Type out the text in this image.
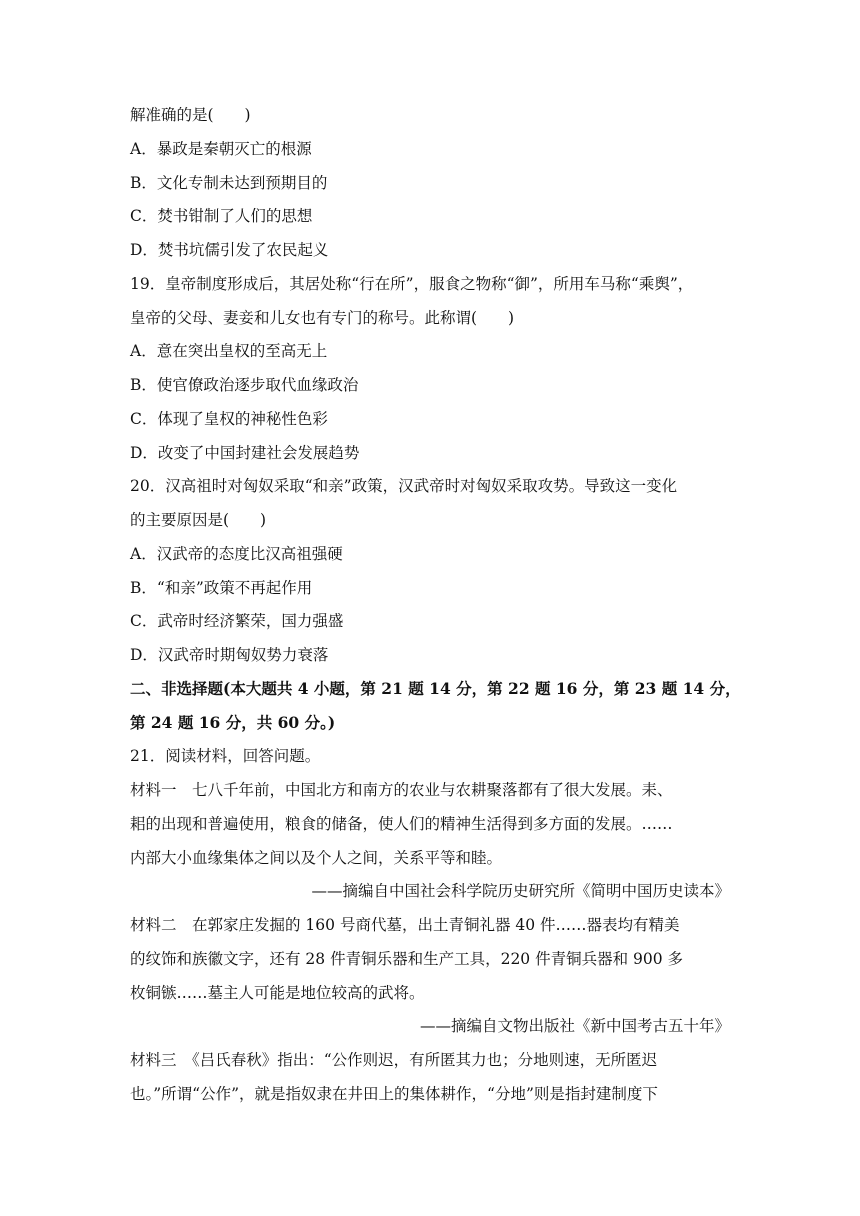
解准确的是(　　)
A．暴政是秦朝灭亡的根源
B．文化专制未达到预期目的
C．焚书钳制了人们的思想
D．焚书坑儒引发了农民起义
19．皇帝制度形成后，其居处称“行在所”，服食之物称“御”，所用车马称“乘舆”，
皇帝的父母、妻妾和儿女也有专门的称号。此称谓(　　)
A．意在突出皇权的至高无上
B．使官僚政治逐步取代血缘政治
C．体现了皇权的神秘性色彩
D．改变了中国封建社会发展趋势
20．汉高祖时对匈奴采取“和亲”政策，汉武帝时对匈奴采取攻势。导致这一变化
的主要原因是(　　)
A．汉武帝的态度比汉高祖强硬
B．“和亲”政策不再起作用
C．武帝时经济繁荣，国力强盛
D．汉武帝时期匈奴势力衰落
二、非选择题(本大题共 4 小题，第 21 题 14 分，第 22 题 16 分，第 23 题 14 分，
第 24 题 16 分，共 60 分。)
21．阅读材料，回答问题。
材料一　七八千年前，中国北方和南方的农业与农耕聚落都有了很大发展。耒、
耜的出现和普遍使用，粮食的储备，使人们的精神生活得到多方面的发展。……
内部大小血缘集体之间以及个人之间，关系平等和睦。
——摘编自中国社会科学院历史研究所《简明中国历史读本》
材料二　在郭家庄发掘的 160 号商代墓，出土青铜礼器 40 件……器表均有精美
的纹饰和族徽文字，还有 28 件青铜乐器和生产工具，220 件青铜兵器和 900 多
枚铜镞……墓主人可能是地位较高的武将。
——摘编自文物出版社《新中国考古五十年》
材料三　《吕氏春秋》指出：“公作则迟，有所匿其力也；分地则速，无所匿迟
也。”所谓“公作”，就是指奴隶在井田上的集体耕作，“分地”则是指封建制度下
